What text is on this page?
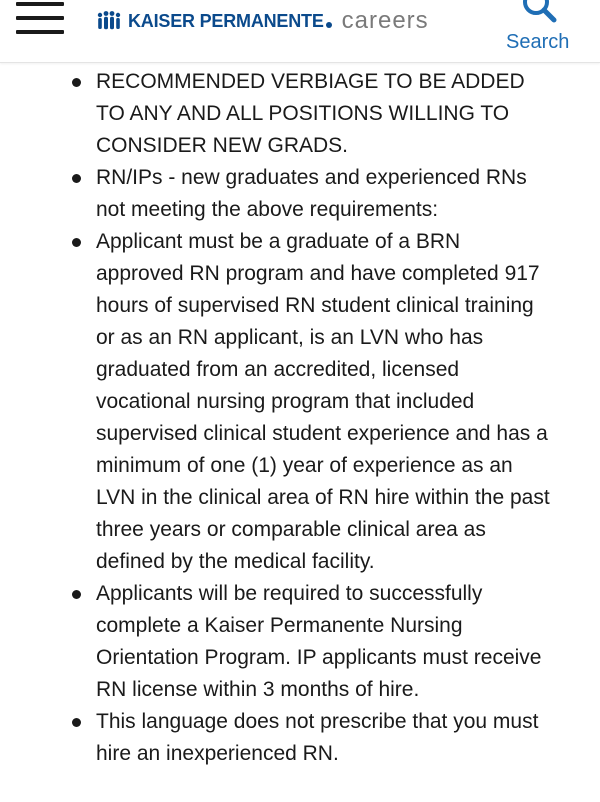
KAISER PERMANENTE careers
Search
RECOMMENDED VERBIAGE TO BE ADDED TO ANY AND ALL POSITIONS WILLING TO CONSIDER NEW GRADS.
RN/IPs - new graduates and experienced RNs not meeting the above requirements:
Applicant must be a graduate of a BRN approved RN program and have completed 917 hours of supervised RN student clinical training or as an RN applicant, is an LVN who has graduated from an accredited, licensed vocational nursing program that included supervised clinical student experience and has a minimum of one (1) year of experience as an LVN in the clinical area of RN hire within the past three years or comparable clinical area as defined by the medical facility.
Applicants will be required to successfully complete a Kaiser Permanente Nursing Orientation Program. IP applicants must receive RN license within 3 months of hire.
This language does not prescribe that you must hire an inexperienced RN.
